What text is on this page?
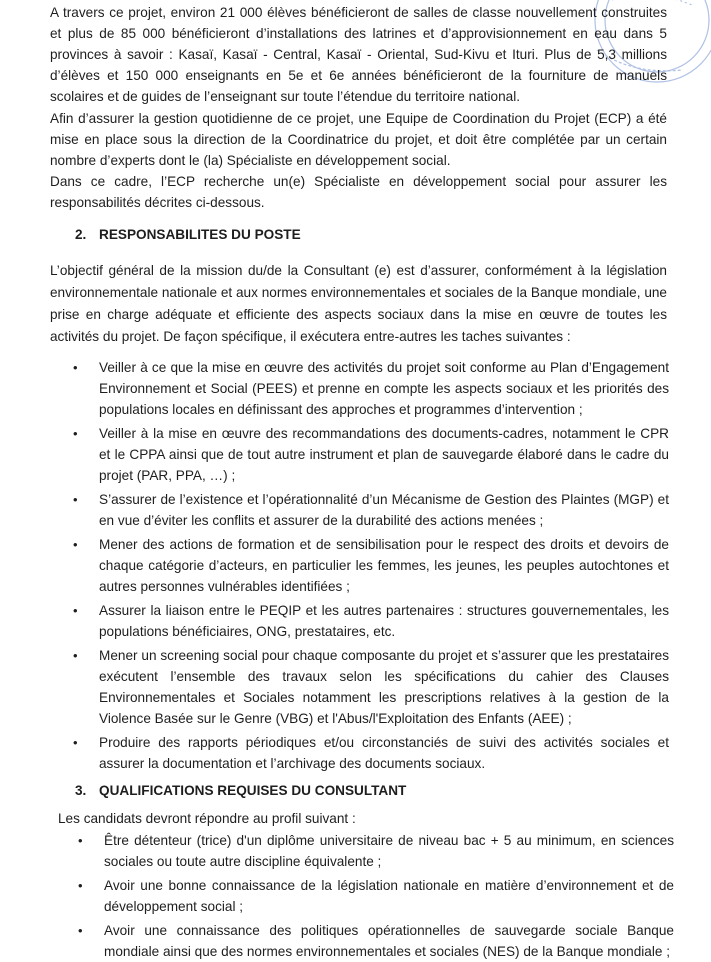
A travers ce projet, environ 21 000 élèves bénéficieront de salles de classe nouvellement construites et plus de 85 000 bénéficieront d’installations des latrines et d’approvisionnement en eau dans 5 provinces à savoir : Kasaï, Kasaï - Central, Kasaï - Oriental, Sud-Kivu et Ituri. Plus de 5,3 millions d’élèves et 150 000 enseignants en 5e et 6e années bénéficieront de la fourniture de manuels scolaires et de guides de l’enseignant sur toute l’étendue du territoire national.

Afin d’assurer la gestion quotidienne de ce projet, une Equipe de Coordination du Projet (ECP) a été mise en place sous la direction de la Coordinatrice du projet, et doit être complétée par un certain nombre d’experts dont le (la) Spécialiste en développement social.

Dans ce cadre, l’ECP recherche un(e) Spécialiste en développement social pour assurer les responsabilités décrites ci-dessous.

2. RESPONSABILITES DU POSTE

L’objectif général de la mission du/de la Consultant (e) est d’assurer, conformément à la législation environnementale nationale et aux normes environnementales et sociales de la Banque mondiale, une prise en charge adéquate et efficiente des aspects sociaux dans la mise en œuvre de toutes les activités du projet. De façon spécifique, il exécutera entre-autres les taches suivantes :

• Veiller à ce que la mise en œuvre des activités du projet soit conforme au Plan d’Engagement Environnement et Social (PEES) et prenne en compte les aspects sociaux et les priorités des populations locales en définissant des approches et programmes d’intervention ;
• Veiller à la mise en œuvre des recommandations des documents-cadres, notamment le CPR et le CPPA ainsi que de tout autre instrument et plan de sauvegarde élaboré dans le cadre du projet (PAR, PPA, …) ;
• S’assurer de l’existence et l’opérationnalité d’un Mécanisme de Gestion des Plaintes (MGP) et en vue d’éviter les conflits et assurer de la durabilité des actions menées ;
• Mener des actions de formation et de sensibilisation pour le respect des droits et devoirs de chaque catégorie d’acteurs, en particulier les femmes, les jeunes, les peuples autochtones et autres personnes vulnérables identifiées ;
• Assurer la liaison entre le PEQIP et les autres partenaires : structures gouvernementales, les populations bénéficiaires, ONG, prestataires, etc.
• Mener un screening social pour chaque composante du projet et s’assurer que les prestataires exécutent l’ensemble des travaux selon les spécifications du cahier des Clauses Environnementales et Sociales notamment les prescriptions relatives à la gestion de la Violence Basée sur le Genre (VBG) et l'Abus/l'Exploitation des Enfants (AEE) ;
• Produire des rapports périodiques et/ou circonstanciés de suivi des activités sociales et assurer la documentation et l’archivage des documents sociaux.
3. QUALIFICATIONS REQUISES DU CONSULTANT

Les candidats devront répondre au profil suivant :

• Être détenteur (trice) d'un diplôme universitaire de niveau bac + 5 au minimum, en sciences sociales ou toute autre discipline équivalente ;
• Avoir une bonne connaissance de la législation nationale en matière d’environnement et de développement social ;
• Avoir une connaissance des politiques opérationnelles de sauvegarde sociale Banque mondiale ainsi que des normes environnementales et sociales (NES) de la Banque mondiale ;
